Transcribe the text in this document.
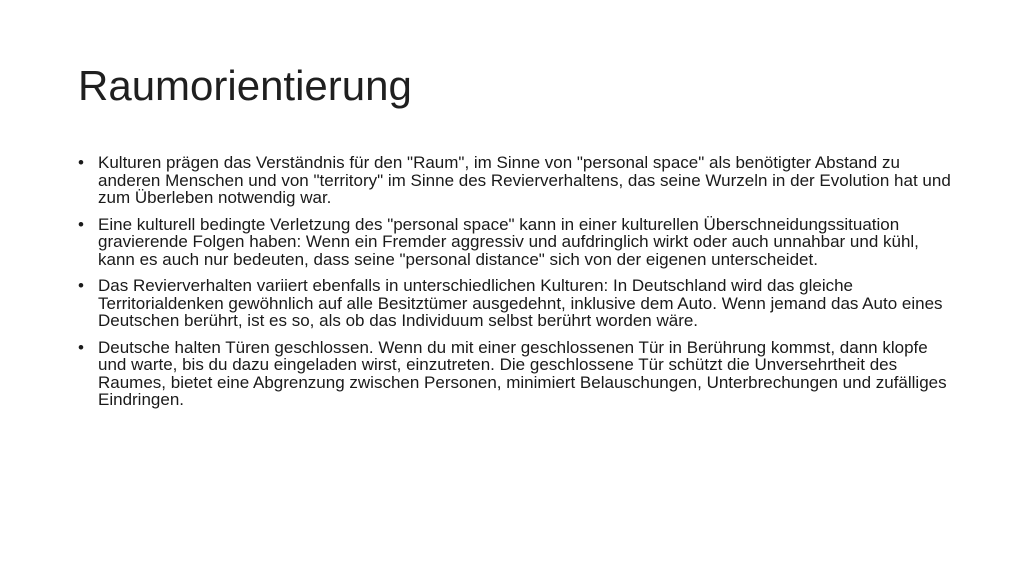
Raumorientierung
• Kulturen prägen das Verständnis für den "Raum", im Sinne von "personal space" als benötigter Abstand zu anderen Menschen und von "territory" im Sinne des Revierverhaltens, das seine Wurzeln in der Evolution hat und zum Überleben notwendig war.
• Eine kulturell bedingte Verletzung des "personal space" kann in einer kulturellen Überschneidungssituation gravierende Folgen haben: Wenn ein Fremder aggressiv und aufdringlich wirkt oder auch unnahbar und kühl, kann es auch nur bedeuten, dass seine "personal distance" sich von der eigenen unterscheidet.
• Das Revierverhalten variiert ebenfalls in unterschiedlichen Kulturen: In Deutschland wird das gleiche Territorialdenken gewöhnlich auf alle Besitztümer ausgedehnt, inklusive dem Auto. Wenn jemand das Auto eines Deutschen berührt, ist es so, als ob das Individuum selbst berührt worden wäre.
• Deutsche halten Türen geschlossen. Wenn du mit einer geschlossenen Tür in Berührung kommst, dann klopfe und warte, bis du dazu eingeladen wirst, einzutreten. Die geschlossene Tür schützt die Unversehrtheit des Raumes, bietet eine Abgrenzung zwischen Personen, minimiert Belauschungen, Unterbrechungen und zufälliges Eindringen.
